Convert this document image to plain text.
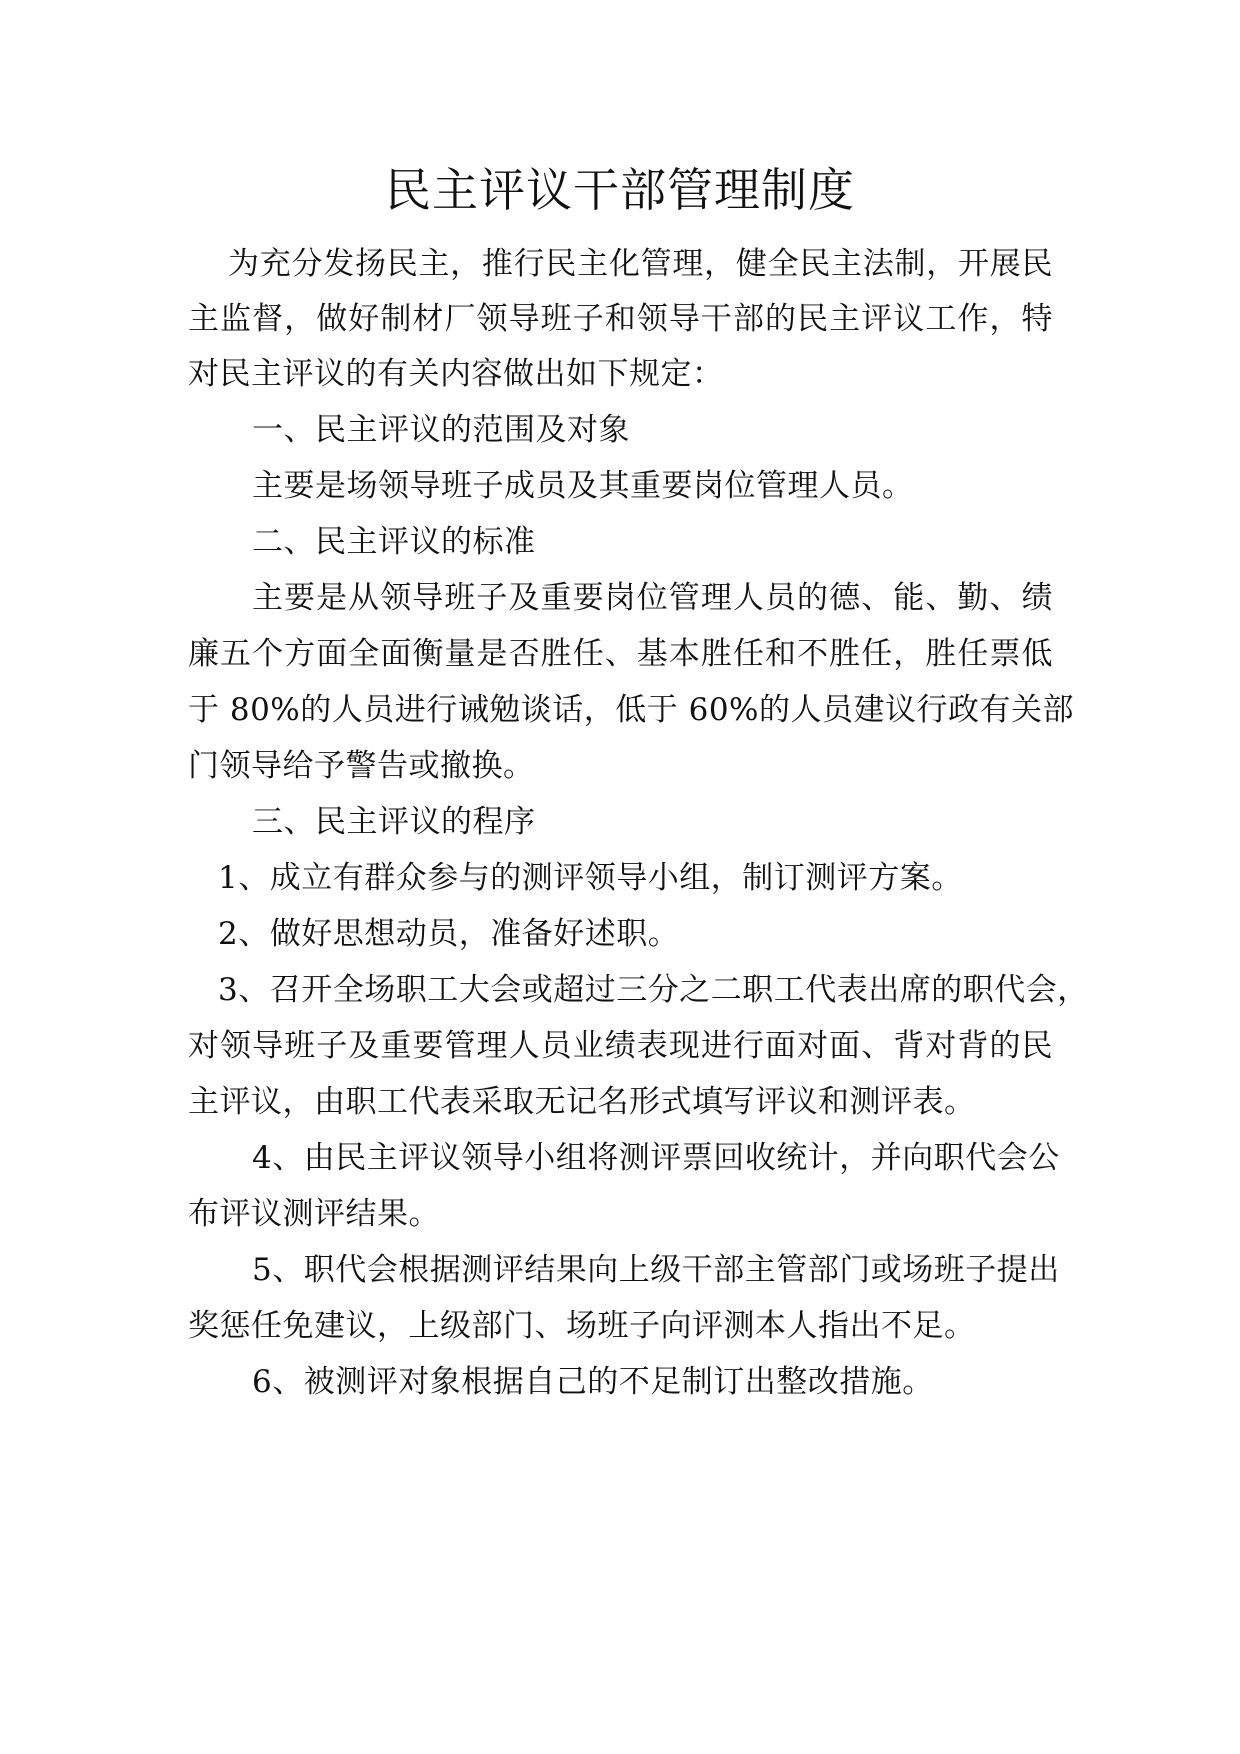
民主评议干部管理制度
为充分发扬民主，推行民主化管理，健全民主法制，开展民
主监督，做好制材厂领导班子和领导干部的民主评议工作，特
对民主评议的有关内容做出如下规定：
一、民主评议的范围及对象
主要是场领导班子成员及其重要岗位管理人员。
二、民主评议的标准
主要是从领导班子及重要岗位管理人员的德、能、勤、绩
廉五个方面全面衡量是否胜任、基本胜任和不胜任，胜任票低
于 80%的人员进行诫勉谈话，低于 60%的人员建议行政有关部
门领导给予警告或撤换。
三、民主评议的程序
1、成立有群众参与的测评领导小组，制订测评方案。
2、做好思想动员，准备好述职。
3、召开全场职工大会或超过三分之二职工代表出席的职代会，
对领导班子及重要管理人员业绩表现进行面对面、背对背的民
主评议，由职工代表采取无记名形式填写评议和测评表。
4、由民主评议领导小组将测评票回收统计，并向职代会公
布评议测评结果。
5、职代会根据测评结果向上级干部主管部门或场班子提出
奖惩任免建议，上级部门、场班子向评测本人指出不足。
6、被测评对象根据自己的不足制订出整改措施。
